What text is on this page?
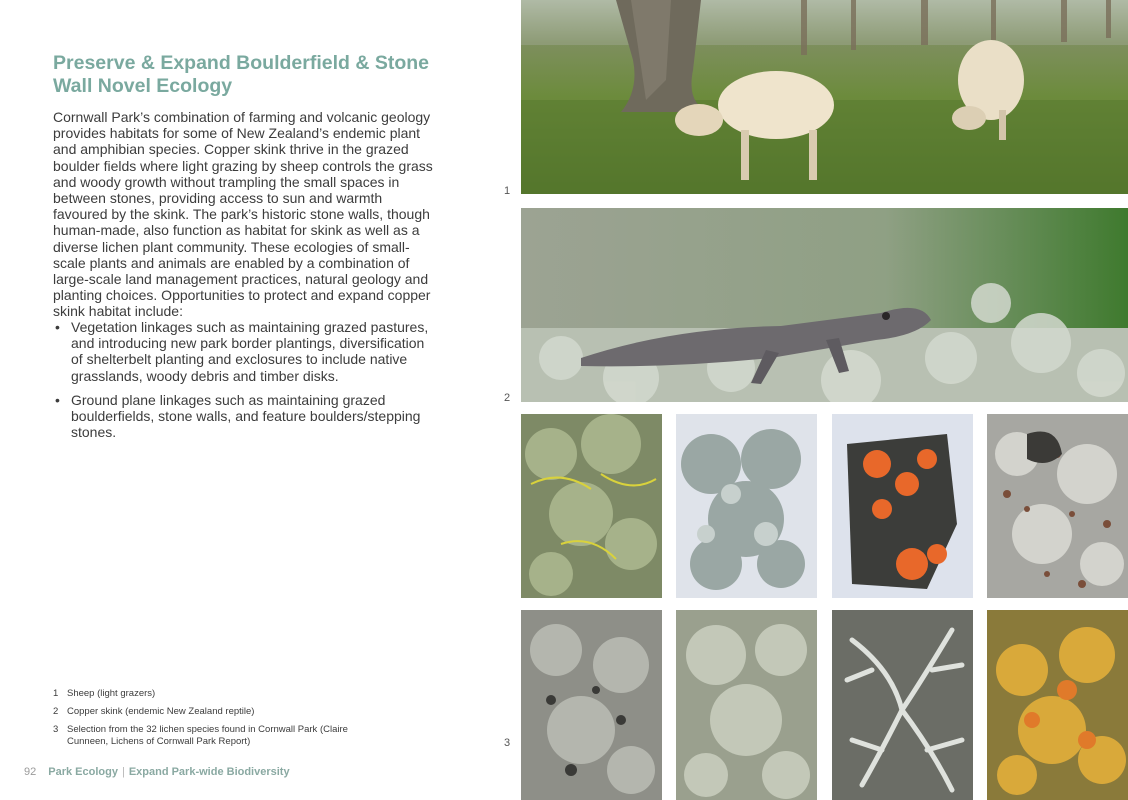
Preserve & Expand Boulderfield & Stone Wall Novel Ecology

Cornwall Park’s combination of farming and volcanic geology provides habitats for some of New Zealand’s endemic plant and amphibian species. Copper skink thrive in the grazed boulder fields where light grazing by sheep controls the grass and woody growth without trampling the small spaces in between stones, providing access to sun and warmth favoured by the skink. The park’s historic stone walls, though human-made, also function as habitat for skink as well as a diverse lichen plant community. These ecologies of small-scale plants and animals are enabled by a combination of large-scale land management practices, natural geology and planting choices. Opportunities to protect and expand copper skink habitat include:

• Vegetation linkages such as maintaining grazed pastures, and introducing new park border plantings, diversification of shelterbelt planting and exclosures to include native grasslands, woody debris and timber disks.
• Ground plane linkages such as maintaining grazed boulderfields, stone walls, and feature boulders/stepping stones.
1 Sheep (light grazers)
2 Copper skink (endemic New Zealand reptile)
3 Selection from the 32 lichen species found in Cornwall Park (Claire Cunneen, Lichens of Cornwall Park Report)
92 Park Ecology | Expand Park-wide Biodiversity
1
2
3
